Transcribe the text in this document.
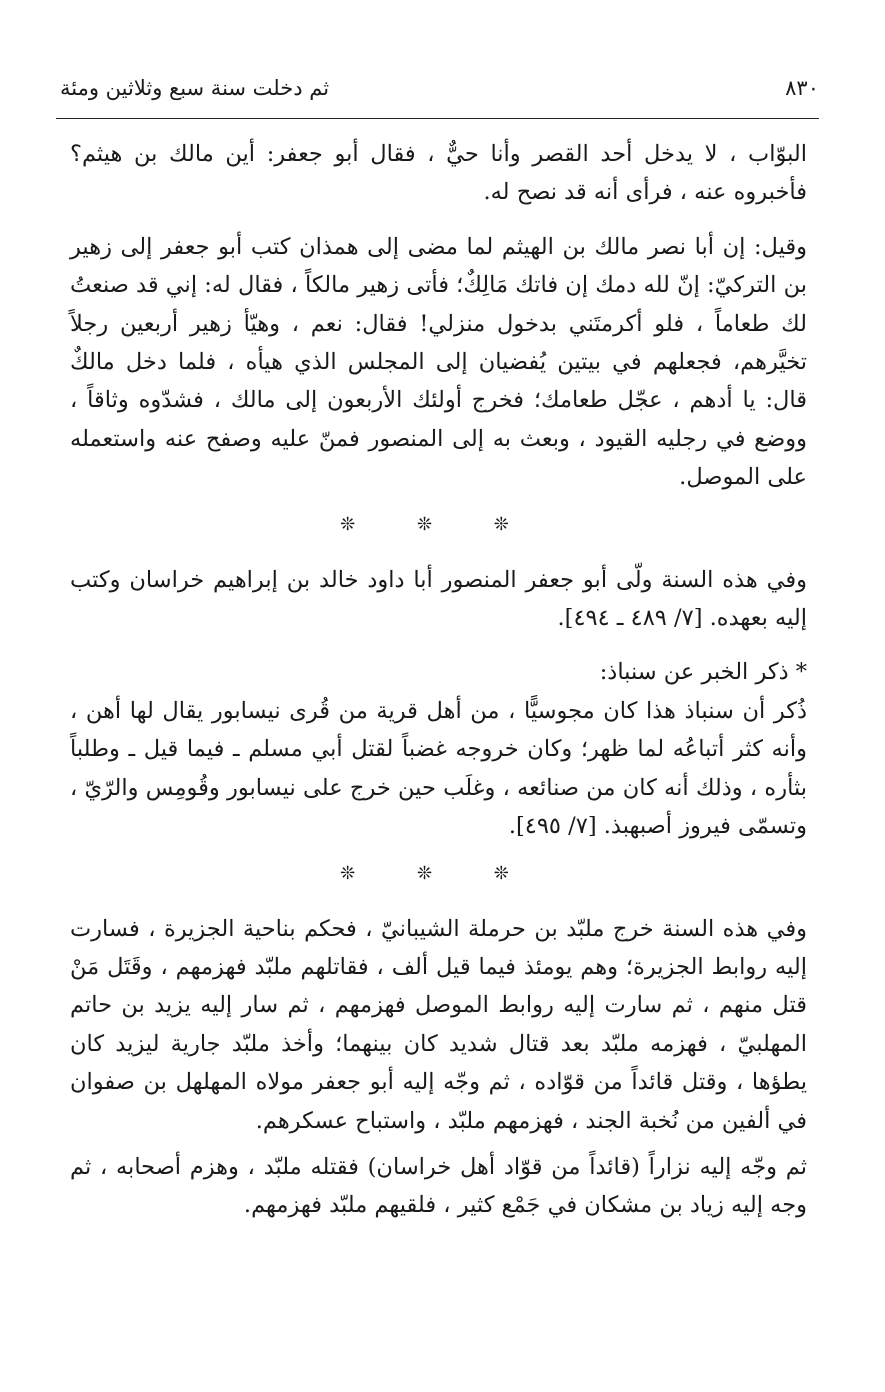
٨٣٠
ثم دخلت سنة سبع وثلاثين ومئة

البوّاب ، لا يدخل أحد القصر وأنا حيٌّ ، فقال أبو جعفر: أين مالك بن هيثم؟ فأخبروه عنه ، فرأى أنه قد نصح له.

وقيل: إن أبا نصر مالك بن الهيثم لما مضى إلى همذان كتب أبو جعفر إلى زهير بن التركيّ: إنّ لله دمك إن فاتك مَالِكٌ؛ فأتى زهير مالكاً ، فقال له: إني قد صنعتُ لك طعاماً ، فلو أكرمتَني بدخول منزلي! فقال: نعم ، وهيّأ زهير أربعين رجلاً تخيَّرهم، فجعلهم في بيتين يُفضيان إلى المجلس الذي هيأه ، فلما دخل مالكٌ قال: يا أدهم ، عجّل طعامك؛ فخرج أولئك الأربعون إلى مالك ، فشدّوه وثاقاً ، ووضع في رجليه القيود ، وبعث به إلى المنصور فمنّ عليه وصفح عنه واستعمله على الموصل.

❊ ❊ ❊

وفي هذه السنة ولّى أبو جعفر المنصور أبا داود خالد بن إبراهيم خراسان وكتب إليه بعهده. [٧/ ٤٨٩ ـ ٤٩٤].

* ذكر الخبر عن سنباذ:

ذُكر أن سنباذ هذا كان مجوسيًّا ، من أهل قرية من قُرى نيسابور يقال لها أهن ، وأنه كثر أتباعُه لما ظهر؛ وكان خروجه غضباً لقتل أبي مسلم ـ فيما قيل ـ وطلباً بثأره ، وذلك أنه كان من صنائعه ، وغلَب حين خرج على نيسابور وقُومِس والرّيّ ، وتسمّى فيروز أصبهبذ. [٧/ ٤٩٥].

❊ ❊ ❊

وفي هذه السنة خرج ملبّد بن حرملة الشيبانيّ ، فحكم بناحية الجزيرة ، فسارت إليه روابط الجزيرة؛ وهم يومئذ فيما قيل ألف ، فقاتلهم ملبّد فهزمهم ، وقَتَل مَنْ قتل منهم ، ثم سارت إليه روابط الموصل فهزمهم ، ثم سار إليه يزيد بن حاتم المهلبيّ ، فهزمه ملبّد بعد قتال شديد كان بينهما؛ وأخذ ملبّد جارية ليزيد كان يطؤها ، وقتل قائداً من قوّاده ، ثم وجّه إليه أبو جعفر مولاه المهلهل بن صفوان في ألفين من نُخبة الجند ، فهزمهم ملبّد ، واستباح عسكرهم.

ثم وجّه إليه نزاراً (قائداً من قوّاد أهل خراسان) فقتله ملبّد ، وهزم أصحابه ، ثم وجه إليه زياد بن مشكان في جَمْع كثير ، فلقيهم ملبّد فهزمهم.
